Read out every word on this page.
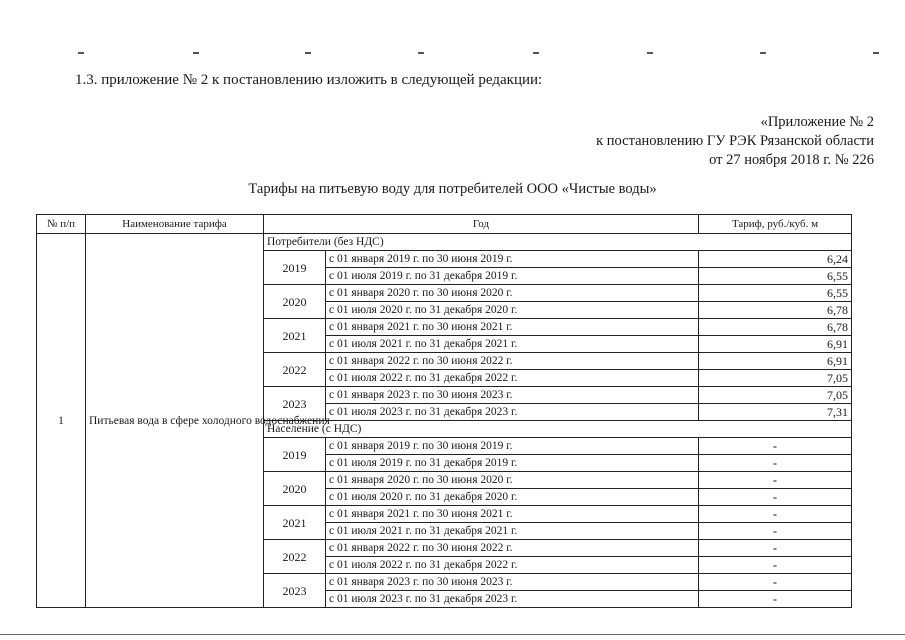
1.3. приложение № 2 к постановлению изложить в следующей редакции:
«Приложение № 2
к постановлению ГУ РЭК Рязанской области
от 27 ноября 2018 г. № 226
Тарифы на питьевую воду для потребителей ООО «Чистые воды»
№ п/п	Наименование тарифа	Год		Тариф, руб./куб. м
1	Питьевая вода в сфере холодного водоснабжения	Потребители (без НДС)		
		2019	с 01 января 2019 г. по 30 июня 2019 г.	6,24
			с 01 июля 2019 г. по 31 декабря 2019 г.	6,55
		2020	с 01 января 2020 г. по 30 июня 2020 г.	6,55
			с 01 июля 2020 г. по 31 декабря 2020 г.	6,78
		2021	с 01 января 2021 г. по 30 июня 2021 г.	6,78
			с 01 июля 2021 г. по 31 декабря 2021 г.	6,91
		2022	с 01 января 2022 г. по 30 июня 2022 г.	6,91
			с 01 июля 2022 г. по 31 декабря 2022 г.	7,05
		2023	с 01 января 2023 г. по 30 июня 2023 г.	7,05
			с 01 июля 2023 г. по 31 декабря 2023 г.	7,31
		Население (с НДС)		
		2019	с 01 января 2019 г. по 30 июня 2019 г.	-
			с 01 июля 2019 г. по 31 декабря 2019 г.	-
		2020	с 01 января 2020 г. по 30 июня 2020 г.	-
			с 01 июля 2020 г. по 31 декабря 2020 г.	-
		2021	с 01 января 2021 г. по 30 июня 2021 г.	-
			с 01 июля 2021 г. по 31 декабря 2021 г.	-
		2022	с 01 января 2022 г. по 30 июня 2022 г.	-
			с 01 июля 2022 г. по 31 декабря 2022 г.	-
		2023	с 01 января 2023 г. по 30 июня 2023 г.	-
			с 01 июля 2023 г. по 31 декабря 2023 г.	-
